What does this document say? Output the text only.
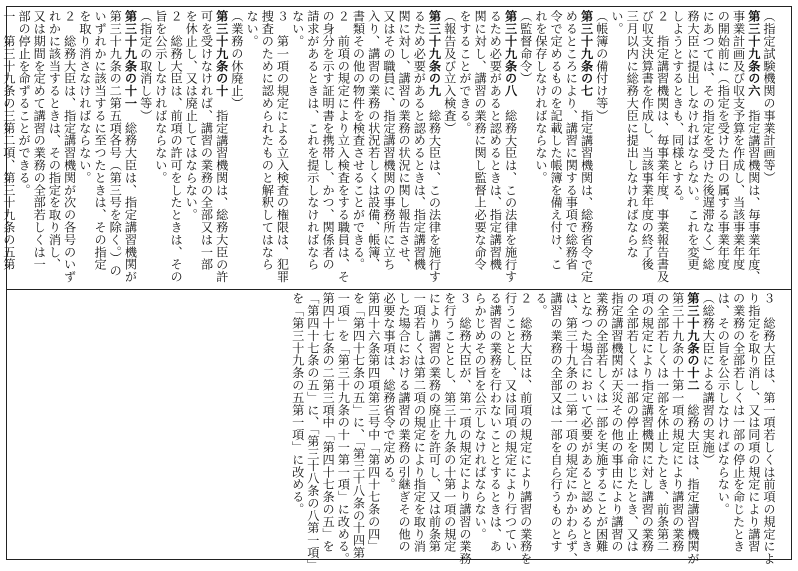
（指定試験機関の事業計画等）
第三十九条の六　指定講習機関は、毎事業年度、
事業計画及び収支予算を作成し、当該事業年度
の開始前に（指定を受けた日の属する事業年度
にあつては、その指定を受けた後遅滞なく）総
務大臣に提出しなければならない。これを変更
しようとするときも、同様とする。
２　指定講習機関は、毎事業年度、事業報告書及
び収支決算書を作成し、当該事業年度の終了後
三月以内に総務大臣に提出しなければならな
い。
（帳簿の備付け等）
第三十九条の七　指定講習機関は、総務省令で定
めるところにより、講習に関する事項で総務省
令で定めるものを記載した帳簿を備え付け、こ
れを保存しなければならない。
（監督命令）
第三十九条の八　総務大臣は、この法律を施行す
るため必要があると認めるときは、指定講習機
関に対し、講習の業務に関し監督上必要な命令
をすることができる。
（報告及び立入検査）
第三十九条の九　総務大臣は、この法律を施行す
るため必要があると認めるときは、指定講習機
関に対し、講習の業務の状況に関し報告させ、
又はその職員に、指定講習機関の事務所に立ち
入り、講習の業務の状況若しくは設備、帳簿、
書類その他の物件を検査させることができる。
２　前項の規定により立入検査をする職員は、そ
の身分を示す証明書を携帯し、かつ、関係者の
請求があるときは、これを提示しなければなら
ない。
３　第一項の規定による立入検査の権限は、犯罪
捜査のために認められたものと解釈してはなら
ない。
（業務の休廃止）
第三十九条の十　指定講習機関は、総務大臣の許
可を受けなければ、講習の業務の全部又は一部
を休止し、又は廃止してはならない。
２　総務大臣は、前項の許可をしたときは、その
旨を公示しなければならない。
（指定の取消し等）
第三十九条の十一　総務大臣は、指定講習機関が
第三十九条の二第五項各号（第三号を除く。）の
いずれかに該当するに至つたときは、その指定
を取り消さなければならない。
２　総務大臣は、指定講習機関が次の各号のいず
れかに該当するときは、その指定を取り消し、
又は期間を定めて講習の業務の全部若しくは一
部の停止を命ずることができる。
一　第三十九条の三第二項、第三十九条の五第
３　総務大臣は、第一項若しくは前項の規定によ
り指定を取り消し、又は同項の規定により講習
の業務の全部若しくは一部の停止を命じたとき
は、その旨を公示しなければならない。
（総務大臣による講習の実施）
第三十九条の十二　総務大臣は、指定講習機関が
第三十九条の十第一項の規定により講習の業務
の全部若しくは一部を休止したとき、前条第二
項の規定により指定講習機関に対し講習の業務
の全部若しくは一部の停止を命じたとき、又は
指定講習機関が天災その他の事由により講習の
業務の全部若しくは一部を実施することが困難
となつた場合において必要があると認めるとき
は、第三十九条の二第一項の規定にかかわらず、
講習の業務の全部又は一部を自ら行うものとす
る。
２　総務大臣は、前項の規定により講習の業務を
行うこととし、又は同項の規定により行つてい
る講習の業務を行わないこととするときは、あ
らかじめその旨を公示しなければならない。
３　総務大臣が、第一項の規定により講習の業務
を行うこととし、第三十九条の十第一項の規定
により講習の業務の廃止を許可し、又は前条第
一項若しくは第二項の規定により指定を取り消
した場合における講習の業務の引継ぎその他の
必要な事項は、総務省令で定める。
第四十六条第四項第三号中「第四十七条の四」
を「第四十七条の五」に、「第三十八条の十四第
一項」を「第三十九条の十一第一項」に改める。
第四十七条の二第三項中「第四十七条の五」を
「第四十七条の五」に、「第三十八条の八第一項」
を「第三十九条の五第一項」に改める。
